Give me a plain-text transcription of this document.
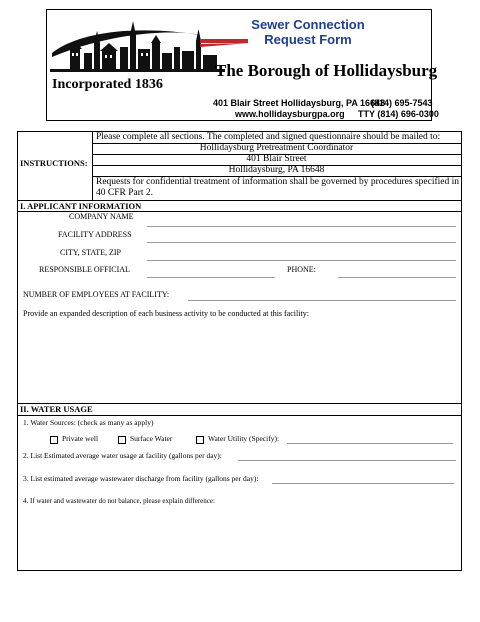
Sewer Connection
Request Form
The Borough of Hollidaysburg
Incorporated 1836
401 Blair Street Hollidaysburg, PA 16648
(814) 695-7543
www.hollidaysburgpa.org TTY (814) 696-0300
INSTRUCTIONS:
Please complete all sections. The completed and signed questionnaire should be mailed to:
Hollidaysburg Pretreatment Coordinator
401 Blair Street
Hollidaysburg, PA 16648
Requests for confidential treatment of information shall be governed by procedures specified in
40 CFR Part 2.
I. APPLICANT INFORMATION
COMPANY NAME
FACILITY ADDRESS
CITY, STATE, ZIP
RESPONSIBLE OFFICIAL	PHONE:
NUMBER OF EMPLOYEES AT FACILITY:
Provide an expanded description of each business activity to be conducted at this facility:
II. WATER USAGE
1. Water Sources: (check as many as apply)
Private well	Surface Water	Water Utility (Specify):
2. List Estimated average water usage at facility (gallons per day):
3. List estimated average wastewater discharge from facility (gallons per day):
4. If water and wastewater do not balance, please explain difference:
